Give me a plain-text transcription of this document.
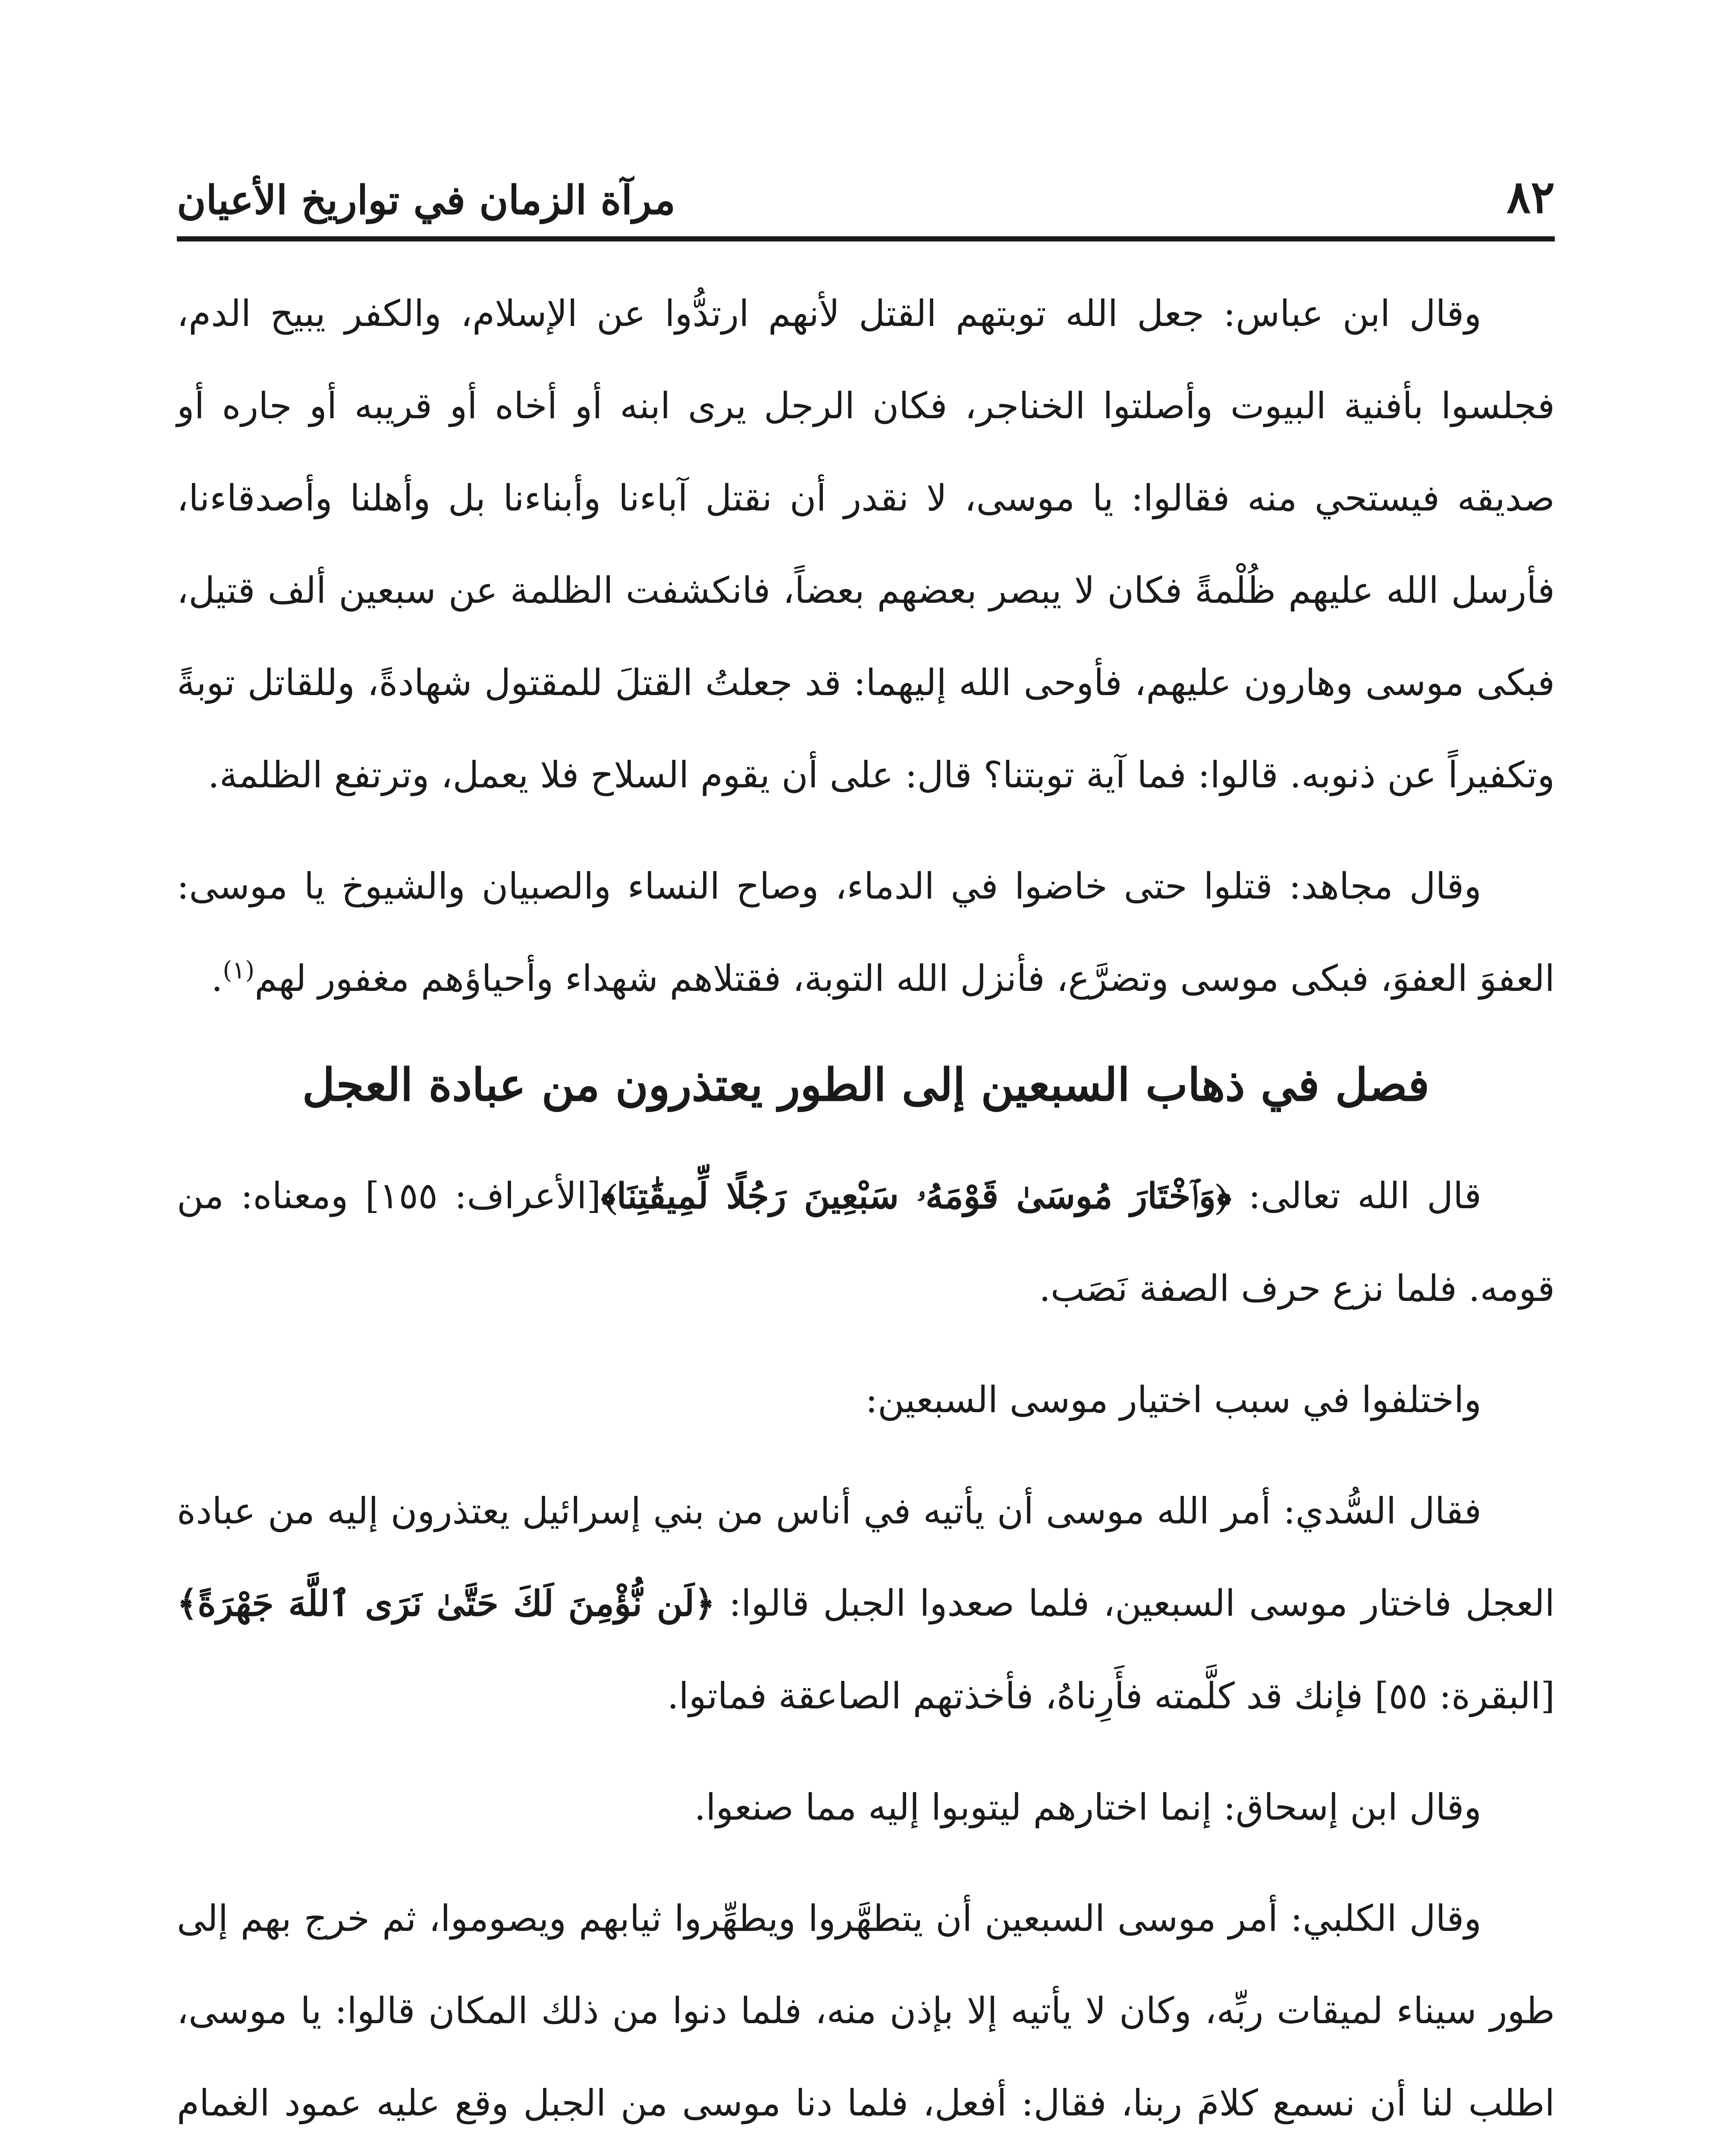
٨٢
مرآة الزمان في تواريخ الأعيان

وقال ابن عباس: جعل الله توبتهم القتل لأنهم ارتدُّوا عن الإسلام، والكفر يبيح الدم، فجلسوا بأفنية البيوت وأصلتوا الخناجر، فكان الرجل يرى ابنه أو أخاه أو قريبه أو جاره أو صديقه فيستحي منه فقالوا: يا موسى، لا نقدر أن نقتل آباءنا وأبناءنا بل وأهلنا وأصدقاءنا، فأرسل الله عليهم ظُلْمةً فكان لا يبصر بعضهم بعضاً، فانكشفت الظلمة عن سبعين ألف قتيل، فبكى موسى وهارون عليهم، فأوحى الله إليهما: قد جعلتُ القتلَ للمقتول شهادةً، وللقاتل توبةً وتكفيراً عن ذنوبه. قالوا: فما آية توبتنا؟ قال: على أن يقوم السلاح فلا يعمل، وترتفع الظلمة.

وقال مجاهد: قتلوا حتى خاضوا في الدماء، وصاح النساء والصبيان والشيوخ يا موسى: العفوَ العفوَ، فبكى موسى وتضرَّع، فأنزل الله التوبة، فقتلاهم شهداء وأحياؤهم مغفور لهم$^{(١)}$.

فصل في ذهاب السبعين إلى الطور يعتذرون من عبادة العجل

قال الله تعالى: ﴿وَٱخْتَارَ مُوسَىٰ قَوْمَهُۥ سَبْعِينَ رَجُلًا لِّمِيقَٰتِنَا﴾[الأعراف: ١٥٥] ومعناه: من قومه. فلما نزع حرف الصفة نَصَب.

واختلفوا في سبب اختيار موسى السبعين:

فقال السُّدي: أمر الله موسى أن يأتيه في أناس من بني إسرائيل يعتذرون إليه من عبادة العجل فاختار موسى السبعين، فلما صعدوا الجبل قالوا: ﴿لَن نُّؤْمِنَ لَكَ حَتَّىٰ نَرَى ٱللَّهَ جَهْرَةً﴾[البقرة: ٥٥] فإنك قد كلَّمته فأَرِناهُ، فأخذتهم الصاعقة فماتوا.

وقال ابن إسحاق: إنما اختارهم ليتوبوا إليه مما صنعوا.

وقال الكلبي: أمر موسى السبعين أن يتطهَّروا ويطهِّروا ثيابهم ويصوموا، ثم خرج بهم إلى طور سيناء لميقات ربِّه، وكان لا يأتيه إلا بإذن منه، فلما دنوا من ذلك المكان قالوا: يا موسى، اطلب لنا أن نسمع كلامَ ربنا، فقال: أفعل، فلما دنا موسى من الجبل وقع عليه عمود الغمام
